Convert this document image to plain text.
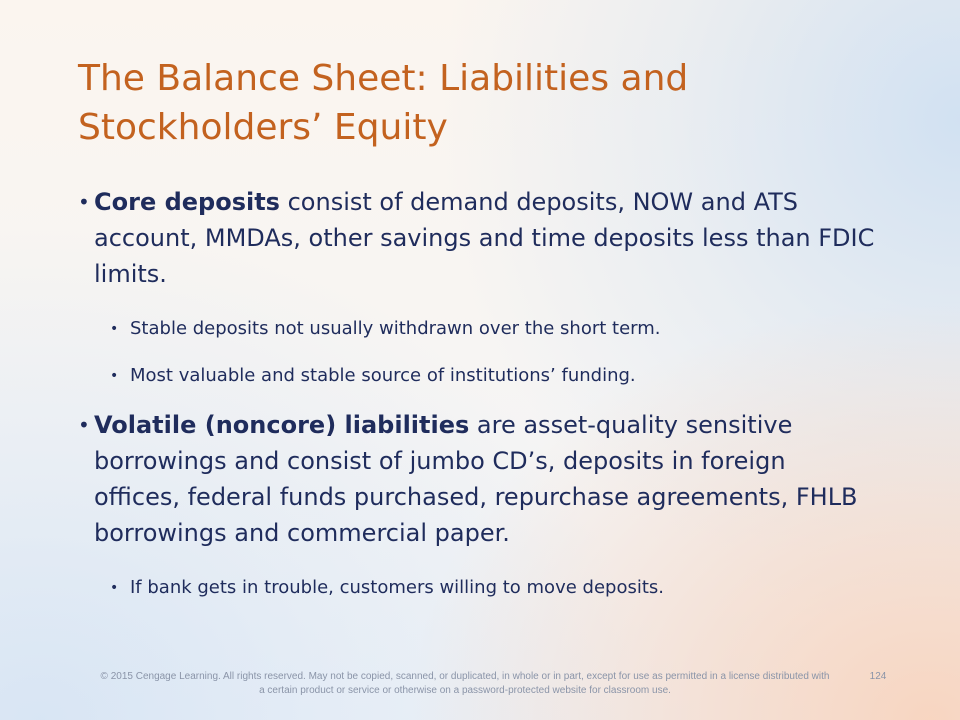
The Balance Sheet: Liabilities and Stockholders’ Equity
• Core deposits consist of demand deposits, NOW and ATS account, MMDAs, other savings and time deposits less than FDIC limits.
• Stable deposits not usually withdrawn over the short term.
• Most valuable and stable source of institutions’ funding.
• Volatile (noncore) liabilities are asset-quality sensitive borrowings and consist of jumbo CD’s, deposits in foreign offices, federal funds purchased, repurchase agreements, FHLB borrowings and commercial paper.
• If bank gets in trouble, customers willing to move deposits.
© 2015 Cengage Learning. All rights reserved. May not be copied, scanned, or duplicated, in whole or in part, except for use as permitted in a license distributed with a certain product or service or otherwise on a password-protected website for classroom use.
124
